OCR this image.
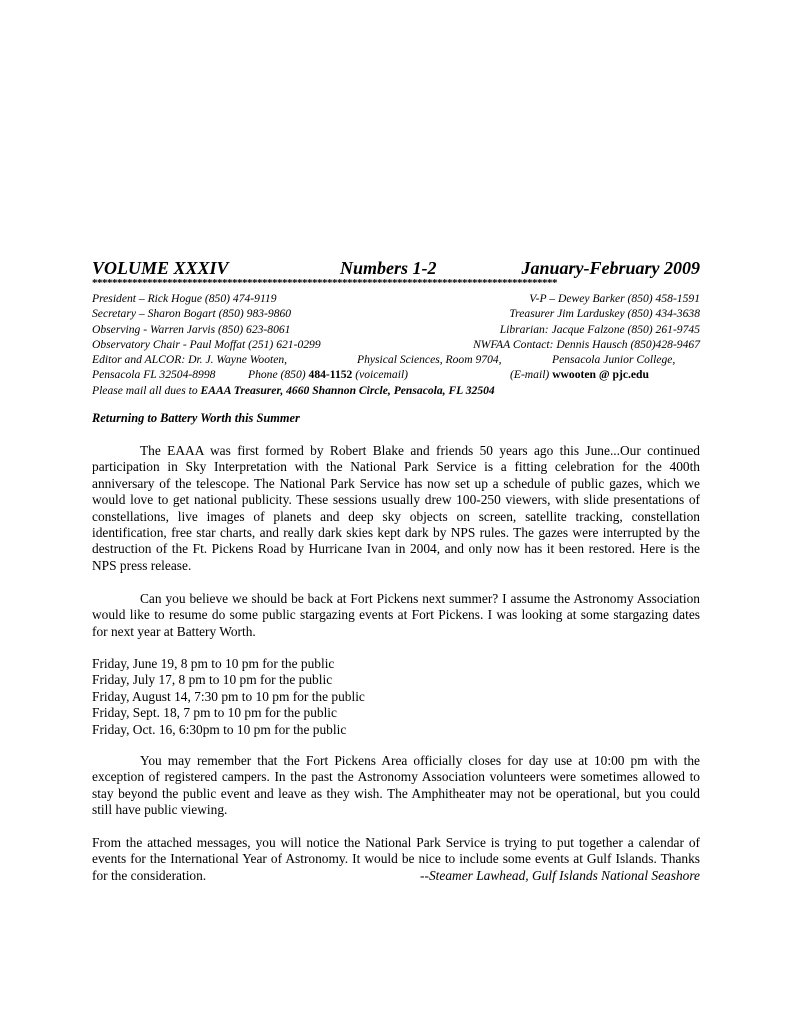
VOLUME XXXIV	Numbers 1-2	January-February 2009
*********************************************************************************************
President – Rick Hogue (850) 474-9119	V-P – Dewey Barker (850) 458-1591
Secretary – Sharon Bogart (850) 983-9860	Treasurer Jim Larduskey (850) 434-3638
Observing - Warren Jarvis (850) 623-8061	Librarian: Jacque Falzone (850) 261-9745
Observatory Chair - Paul Moffat (251) 621-0299	NWFAA Contact: Dennis Hausch (850)428-9467
Editor and ALCOR: Dr. J. Wayne Wooten,	Physical Sciences, Room 9704,	Pensacola Junior College,
Pensacola FL 32504-8998	Phone (850) 484-1152 (voicemail)	(E-mail) wwooten @ pjc.edu
Please mail all dues to EAAA Treasurer, 4660 Shannon Circle, Pensacola, FL 32504
Returning to Battery Worth this Summer

The EAAA was first formed by Robert Blake and friends 50 years ago this June...Our continued participation in Sky Interpretation with the National Park Service is a fitting celebration for the 400th anniversary of the telescope. The National Park Service has now set up a schedule of public gazes, which we would love to get national publicity. These sessions usually drew 100-250 viewers, with slide presentations of constellations, live images of planets and deep sky objects on screen, satellite tracking, constellation identification, free star charts, and really dark skies kept dark by NPS rules. The gazes were interrupted by the destruction of the Ft. Pickens Road by Hurricane Ivan in 2004, and only now has it been restored. Here is the NPS press release.

Can you believe we should be back at Fort Pickens next summer? I assume the Astronomy Association would like to resume do some public stargazing events at Fort Pickens. I was looking at some stargazing dates for next year at Battery Worth.

Friday, June 19, 8 pm to 10 pm for the public
Friday, July 17, 8 pm to 10 pm for the public
Friday, August 14, 7:30 pm to 10 pm for the public
Friday, Sept. 18, 7 pm to 10 pm for the public
Friday, Oct. 16, 6:30pm to 10 pm for the public

You may remember that the Fort Pickens Area officially closes for day use at 10:00 pm with the exception of registered campers. In the past the Astronomy Association volunteers were sometimes allowed to stay beyond the public event and leave as they wish. The Amphitheater may not be operational, but you could still have public viewing.

From the attached messages, you will notice the National Park Service is trying to put together a calendar of events for the International Year of Astronomy. It would be nice to include some events at Gulf Islands. Thanks for the consideration.	--Steamer Lawhead, Gulf Islands National Seashore
